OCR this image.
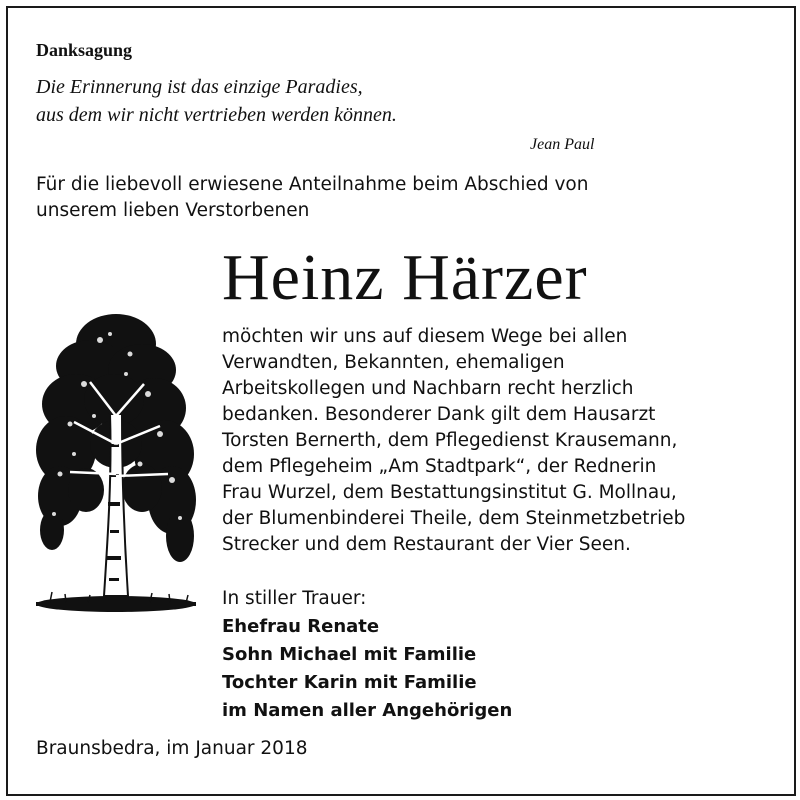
Danksagung
Die Erinnerung ist das einzige Paradies,
aus dem wir nicht vertrieben werden können.
Jean Paul
Für die liebevoll erwiesene Anteilnahme beim Abschied von
unserem lieben Verstorbenen
Heinz Härzer
möchten wir uns auf diesem Wege bei allen
Verwandten, Bekannten, ehemaligen
Arbeitskollegen und Nachbarn recht herzlich
bedanken. Besonderer Dank gilt dem Hausarzt
Torsten Bernerth, dem Pflegedienst Krausemann,
dem Pflegeheim „Am Stadtpark“, der Rednerin
Frau Wurzel, dem Bestattungsinstitut G. Mollnau,
der Blumenbinderei Theile, dem Steinmetzbetrieb
Strecker und dem Restaurant der Vier Seen.
In stiller Trauer:
Ehefrau Renate
Sohn Michael mit Familie
Tochter Karin mit Familie
im Namen aller Angehörigen
Braunsbedra, im Januar 2018
